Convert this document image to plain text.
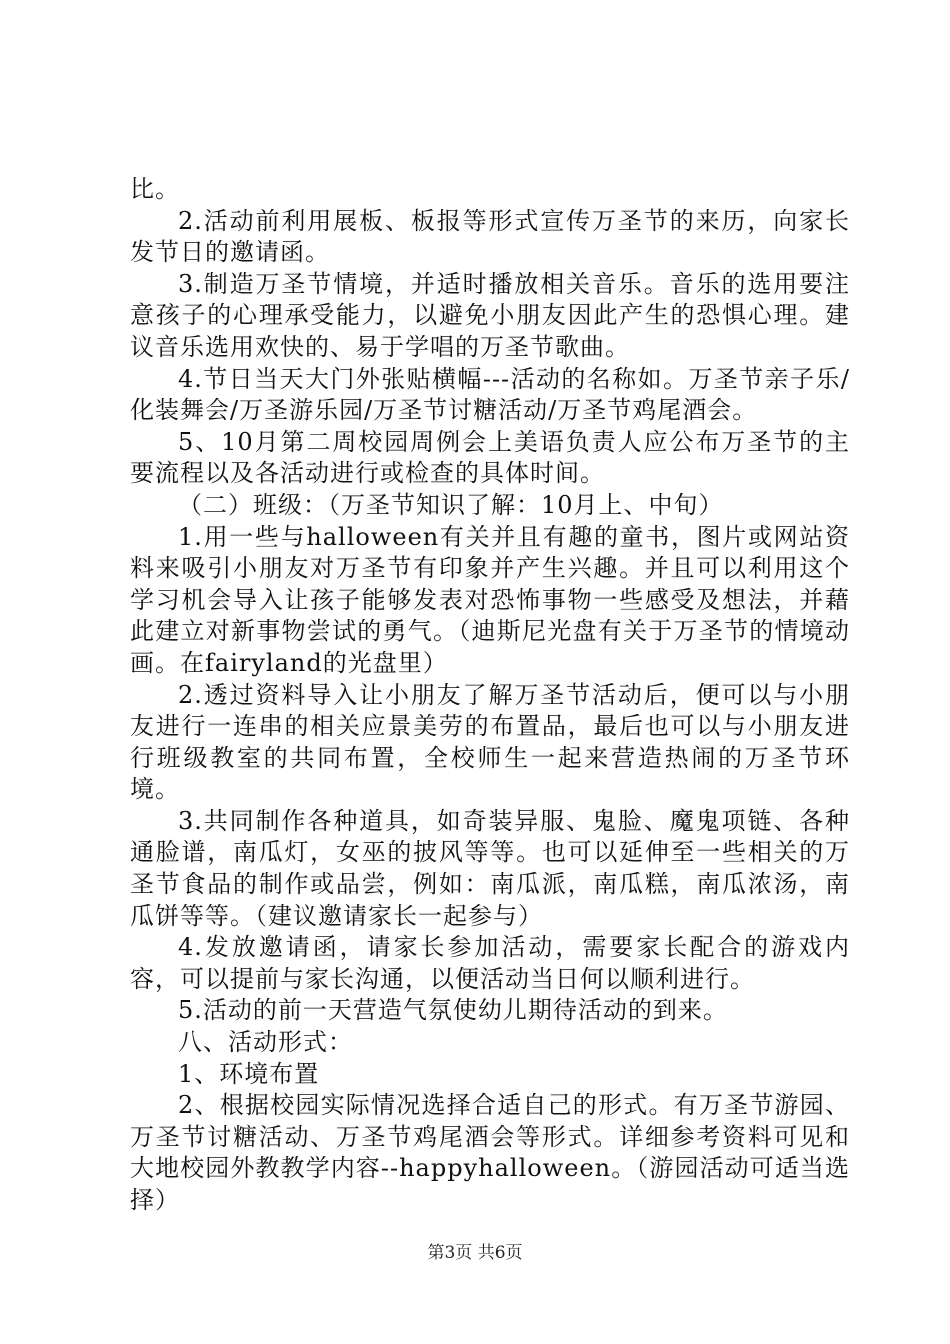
比。

2.活动前利用展板、板报等形式宣传万圣节的来历，向家长发节日的邀请函。

3.制造万圣节情境，并适时播放相关音乐。音乐的选用要注意孩子的心理承受能力，以避免小朋友因此产生的恐惧心理。建议音乐选用欢快的、易于学唱的万圣节歌曲。

4.节日当天大门外张贴横幅---活动的名称如。万圣节亲子乐/化装舞会/万圣游乐园/万圣节讨糖活动/万圣节鸡尾酒会。

5、10月第二周校园周例会上美语负责人应公布万圣节的主要流程以及各活动进行或检查的具体时间。

（二）班级：（万圣节知识了解：10月上、中旬）

1.用一些与halloween有关并且有趣的童书，图片或网站资料来吸引小朋友对万圣节有印象并产生兴趣。并且可以利用这个学习机会导入让孩子能够发表对恐怖事物一些感受及想法，并藉此建立对新事物尝试的勇气。（迪斯尼光盘有关于万圣节的情境动画。在fairyland的光盘里）

2.透过资料导入让小朋友了解万圣节活动后，便可以与小朋友进行一连串的相关应景美劳的布置品，最后也可以与小朋友进行班级教室的共同布置，全校师生一起来营造热闹的万圣节环境。

3.共同制作各种道具，如奇装异服、鬼脸、魔鬼项链、各种通脸谱，南瓜灯，女巫的披风等等。也可以延伸至一些相关的万圣节食品的制作或品尝，例如：南瓜派，南瓜糕，南瓜浓汤，南瓜饼等等。（建议邀请家长一起参与）

4.发放邀请函，请家长参加活动，需要家长配合的游戏内容，可以提前与家长沟通，以便活动当日何以顺利进行。

5.活动的前一天营造气氛使幼儿期待活动的到来。

八、活动形式：

1、环境布置

2、根据校园实际情况选择合适自己的形式。有万圣节游园、万圣节讨糖活动、万圣节鸡尾酒会等形式。详细参考资料可见和大地校园外教教学内容--happyhalloween。（游园活动可适当选择）

第3页 共6页
